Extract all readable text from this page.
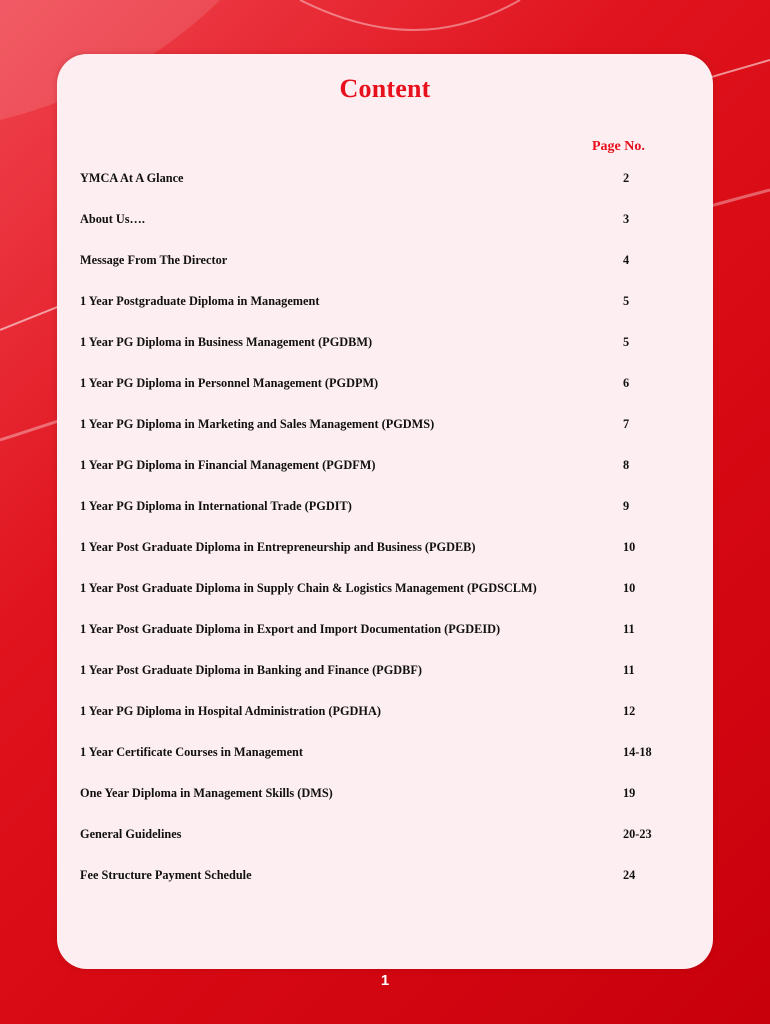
Content
Page No.
YMCA At A Glance	2
About Us….	3
Message From The Director	4
1 Year Postgraduate Diploma in Management	5
1 Year PG Diploma in Business Management (PGDBM)	5
1 Year PG Diploma in Personnel Management (PGDPM)	6
1 Year PG Diploma in Marketing and Sales Management (PGDMS)	7
1 Year PG Diploma in Financial Management (PGDFM)	8
1 Year PG Diploma in International Trade (PGDIT)	9
1 Year Post Graduate Diploma in Entrepreneurship and Business (PGDEB)	10
1 Year Post Graduate Diploma in Supply Chain & Logistics Management (PGDSCLM)	10
1 Year Post Graduate Diploma in Export and Import Documentation (PGDEID)	11
1 Year Post Graduate Diploma in Banking and Finance (PGDBF)	11
1 Year PG Diploma in Hospital Administration (PGDHA)	12
1 Year Certificate Courses in Management	14-18
One Year Diploma in Management Skills (DMS)	19
General Guidelines	20-23
Fee Structure Payment Schedule	24
1
